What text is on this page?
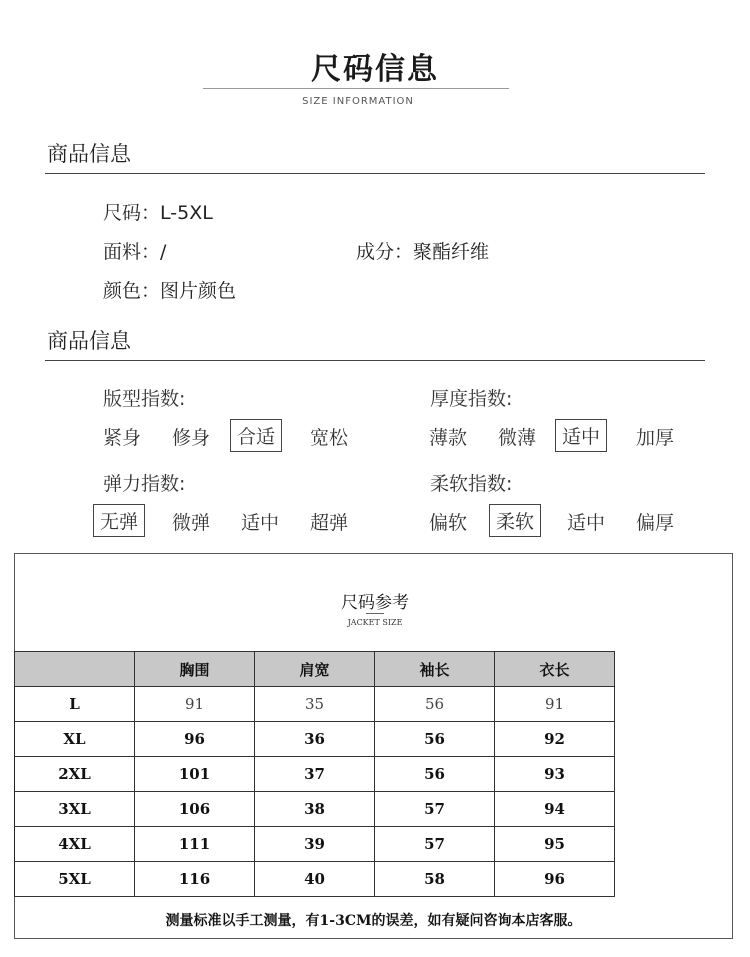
尺码信息
SIZE INFORMATION
商品信息
尺码：L-5XL
面料：/	成分：聚酯纤维
颜色：图片颜色
商品信息
版型指数:	厚度指数:
紧身	修身	合适	宽松	薄款	微薄	适中	加厚
弹力指数:	柔软指数:
无弹	微弹	适中	超弹	偏软	柔软	适中	偏厚
尺码参考
JACKET SIZE
	胸围	肩宽	袖长	衣长
L	91	35	56	91
XL	96	36	56	92
2XL	101	37	56	93
3XL	106	38	57	94
4XL	111	39	57	95
5XL	116	40	58	96
测量标准以手工测量，有1-3CM的误差，如有疑问咨询本店客服。
